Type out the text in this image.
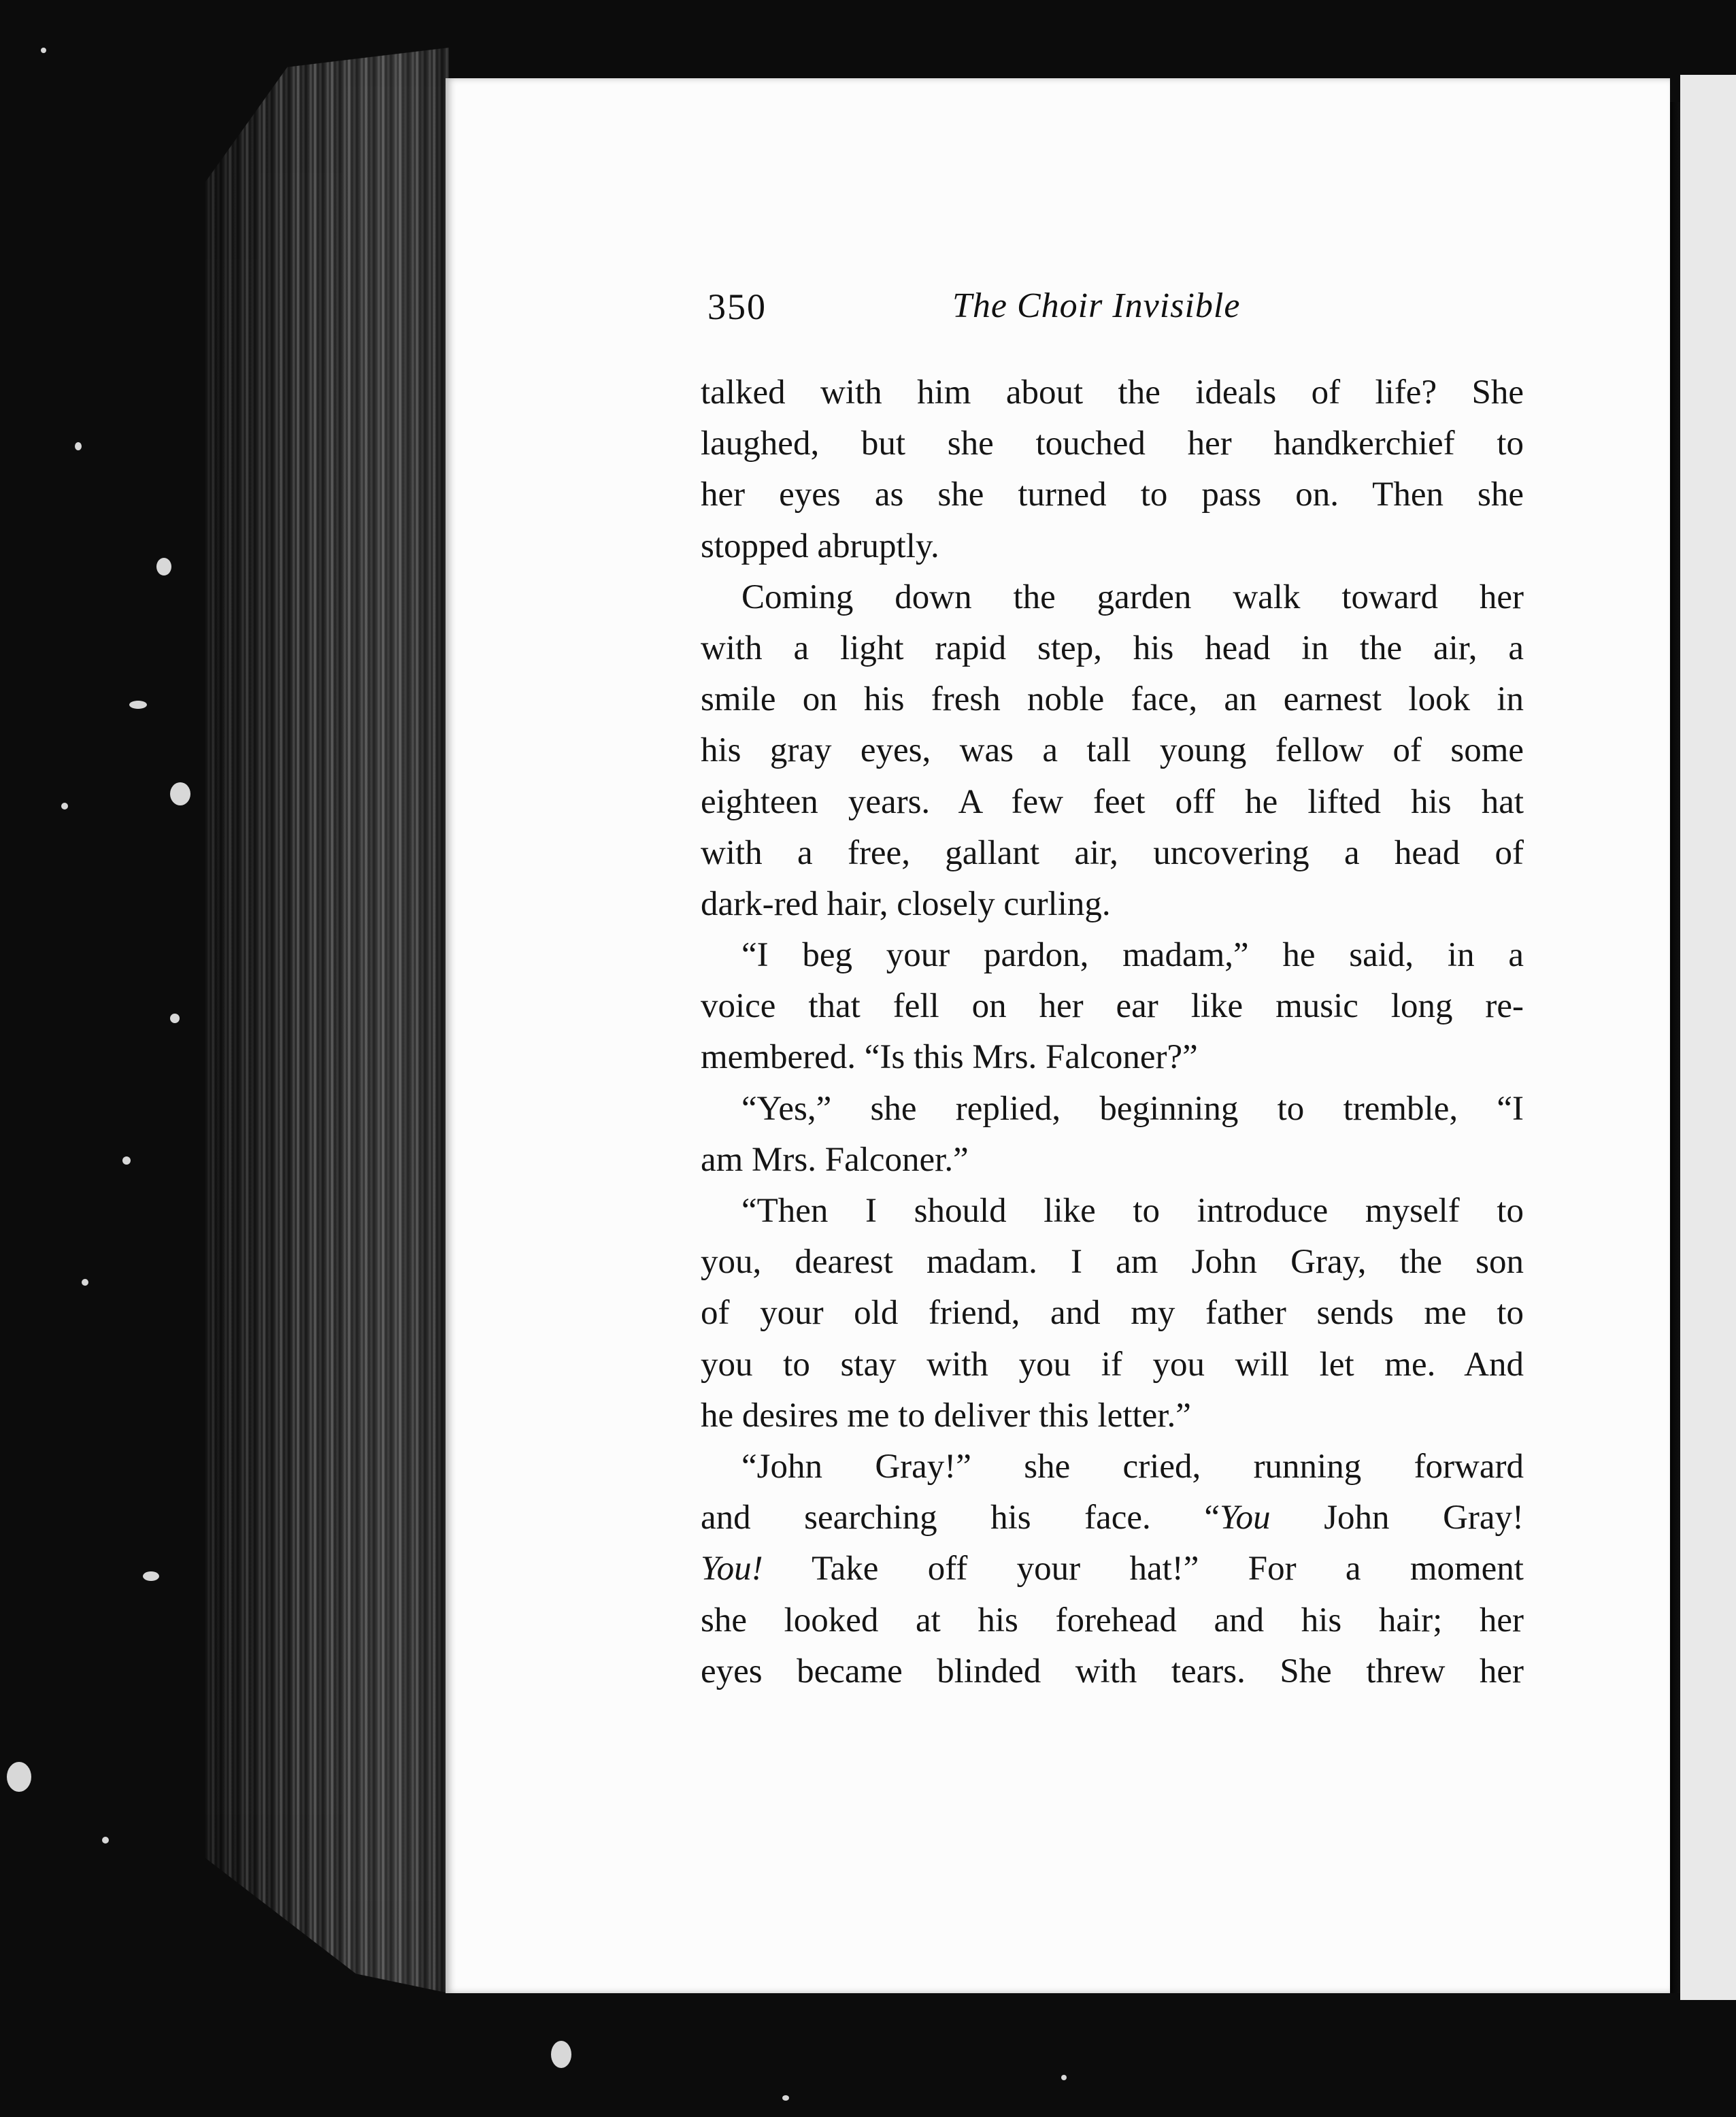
350	The Choir Invisible
talked with him about the ideals of life? She
laughed, but she touched her handkerchief to
her eyes as she turned to pass on. Then she
stopped abruptly.
Coming down the garden walk toward her
with a light rapid step, his head in the air, a
smile on his fresh noble face, an earnest look in
his gray eyes, was a tall young fellow of some
eighteen years. A few feet off he lifted his hat
with a free, gallant air, uncovering a head of
dark-red hair, closely curling.
“I beg your pardon, madam,” he said, in a
voice that fell on her ear like music long re-
membered. “Is this Mrs. Falconer?”
“Yes,” she replied, beginning to tremble, “I
am Mrs. Falconer.”
“Then I should like to introduce myself to
you, dearest madam. I am John Gray, the son
of your old friend, and my father sends me to
you to stay with you if you will let me. And
he desires me to deliver this letter.”
“John Gray!” she cried, running forward
and searching his face. “You John Gray!
You! Take off your hat!” For a moment
she looked at his forehead and his hair; her
eyes became blinded with tears. She threw her
